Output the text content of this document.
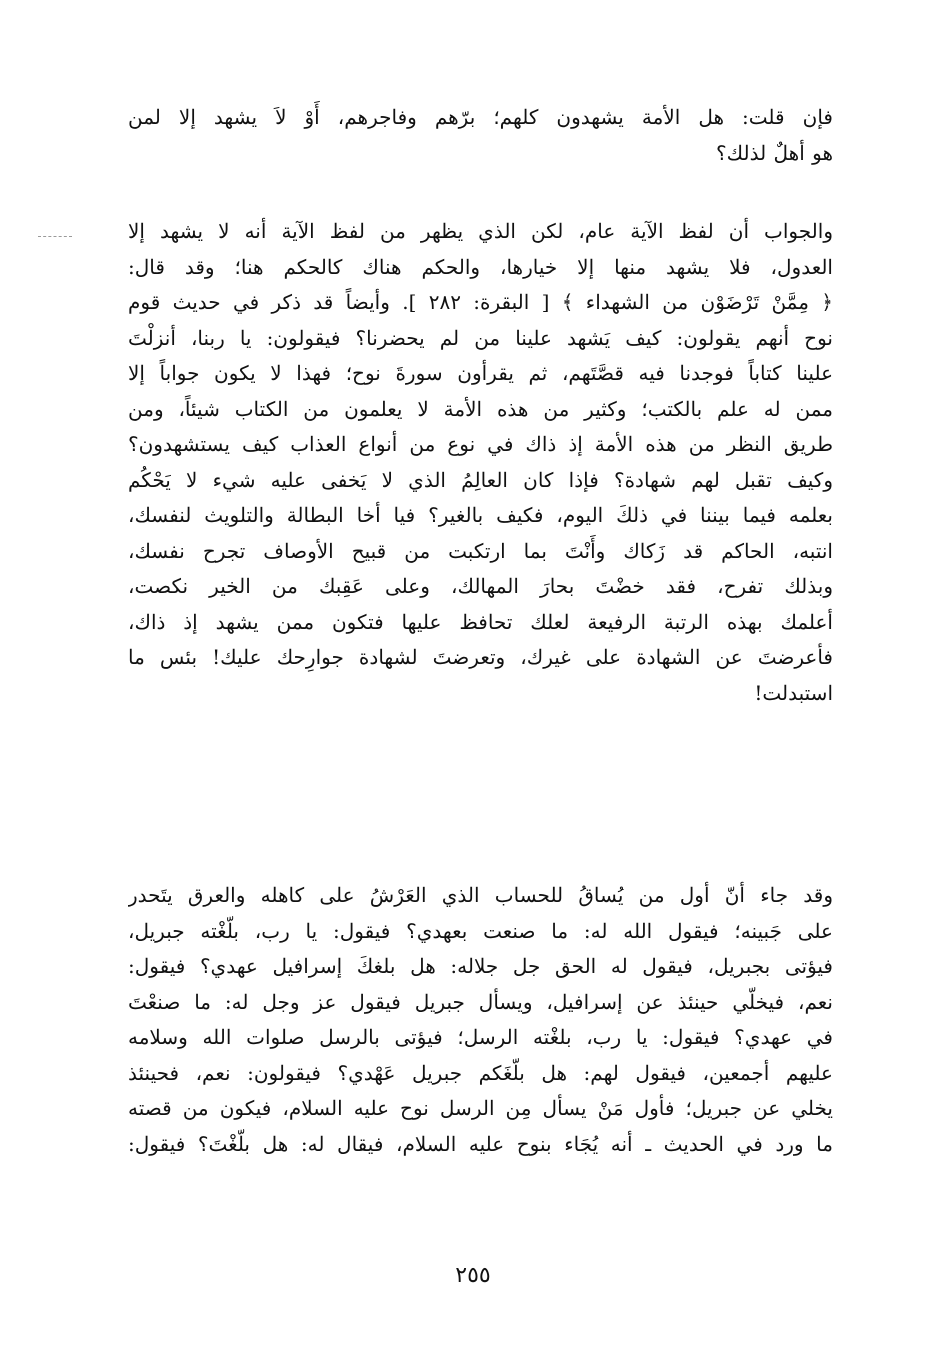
فإن قلت: هل الأمة يشهدون كلهم؛ برّهم وفاجرهم، أَوْ لاَ يشهد إلا لمن
هو أهلٌ لذلك؟
والجواب أن لفظ الآية عام، لكن الذي يظهر من لفظ الآية أنه لا يشهد إلا
العدول، فلا يشهد منها إلا خيارها، والحكم هناك كالحكم هنا؛ وقد قال:
﴿ مِمَّنْ تَرْضَوْن من الشهداء ﴾ [ البقرة: ٢٨٢ ]. وأيضاً قد ذكر في حديث قوم
نوح أنهم يقولون: كيف يَشهد علينا من لم يحضرنا؟ فيقولون: يا ربنا، أنزلْتَ
علينا كتاباً فوجدنا فيه قصَّتَهم، ثم يقرأون سورةَ نوح؛ فهذا لا يكون جواباً إلا
ممن له علم بالكتب؛ وكثير من هذه الأمة لا يعلمون من الكتاب شيئاً، ومن
طريق النظر من هذه الأمة إذ ذاك في نوع من أنواع العذاب كيف يستشهدون؟
وكيف تقبل لهم شهادة؟ فإذا كان العالِمُ الذي لا يَخفى عليه شيء لا يَحْكُم
بعلمه فيما بيننا في ذلكَ اليوم، فكيف بالغير؟ فيا أخا البطالة والتلويث لنفسك،
انتبه، الحاكم قد زَكاك وأَنْتَ بما ارتكبت من قبيح الأوصاف تجرح نفسك،
وبذلك تفرح، فقد خضْتَ بحارَ المهالك، وعلى عَقِبك من الخير نكصت،
أعلمك بهذه الرتبة الرفيعة لعلك تحافظ عليها فتكون ممن يشهد إذ ذاك،
فأعرضتَ عن الشهادة على غيرك، وتعرضتَ لشهادة جوارِحك عليك! بئس ما
استبدلت!
وقد جاء أنّ أول من يُساقُ للحساب الذي العَرْشُ على كاهله والعرق يتَحدر
على جَبينه؛ فيقول الله له: ما صنعت بعهدي؟ فيقول: يا رب، بلّغْته جبريل،
فيؤتى بجبريل، فيقول له الحق جل جلاله: هل بلغكَ إسرافيل عهدي؟ فيقول:
نعم، فيخلّي حينئذ عن إسرافيل، ويسأل جبريل فيقول عز وجل له: ما صنعْتَ
في عهدي؟ فيقول: يا رب، بلغْته الرسل؛ فيؤتى بالرسل صلوات الله وسلامه
عليهم أجمعين، فيقول لهم: هل بلّغَكم جبريل عَهْدي؟ فيقولون: نعم، فحينئذ
يخلي عن جبريل؛ فأول مَنْ يسأل مِن الرسل نوح عليه السلام، فيكون من قصته
ما ورد في الحديث ـ أنه يُجَاء بنوح عليه السلام، فيقال له: هل بلّغْتَ؟ فيقول:
٢٥٥
